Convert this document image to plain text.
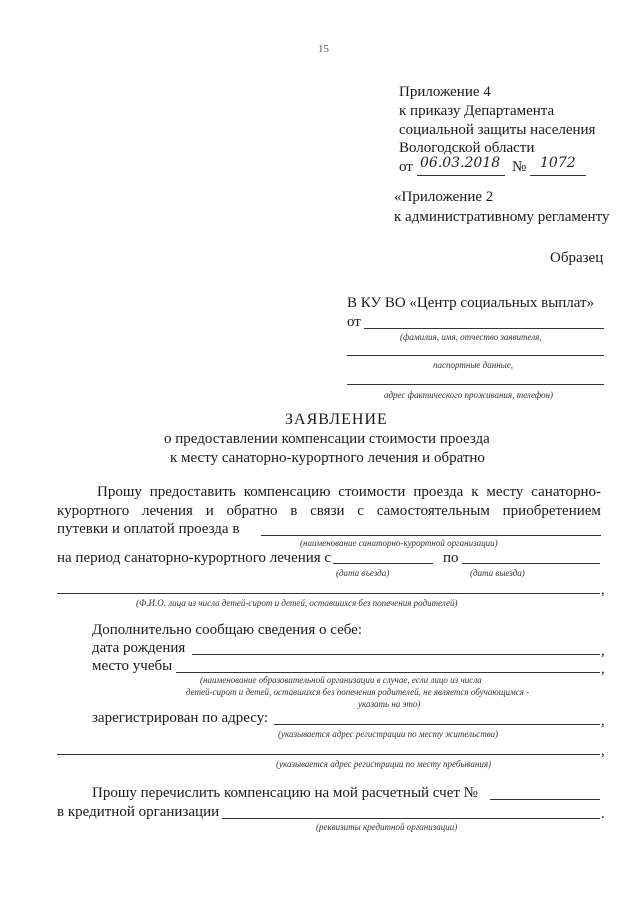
15
Приложение 4
к приказу Департамента
социальной защиты населения
Вологодской области
от 06.03.2018 № 1072
«Приложение 2
к административному регламенту
Образец
В КУ ВО «Центр социальных выплат»
от
(фамилия, имя, отчество заявителя,
паспортные данные,
адрес фактического проживания, телефон)
ЗАЯВЛЕНИЕ
о предоставлении компенсации стоимости проезда
к месту санаторно-курортного лечения и обратно
Прошу предоставить компенсацию стоимости проезда к месту санаторно-
курортного лечения и обратно в связи с самостоятельным приобретением
путевки и оплатой проезда в
(наименование санаторно-курортной организации)
на период санаторно-курортного лечения с	по
(дата въезда)	(дата выезда)
,
(Ф.И.О. лица из числа детей-сирот и детей, оставшихся без попечения родителей)
Дополнительно сообщаю сведения о себе:
дата рождения	,
место учебы	,
(наименование образовательной организации в случае, если лицо из числа
детей-сирот и детей, оставшихся без попечения родителей, не является обучающимся -
указать на это)
зарегистрирован по адресу:	,
(указывается адрес регистрации по месту жительства)
,
(указывается адрес регистрации по месту пребывания)
Прошу перечислить компенсацию на мой расчетный счет №
в кредитной организации	.
(реквизиты кредитной организации)
